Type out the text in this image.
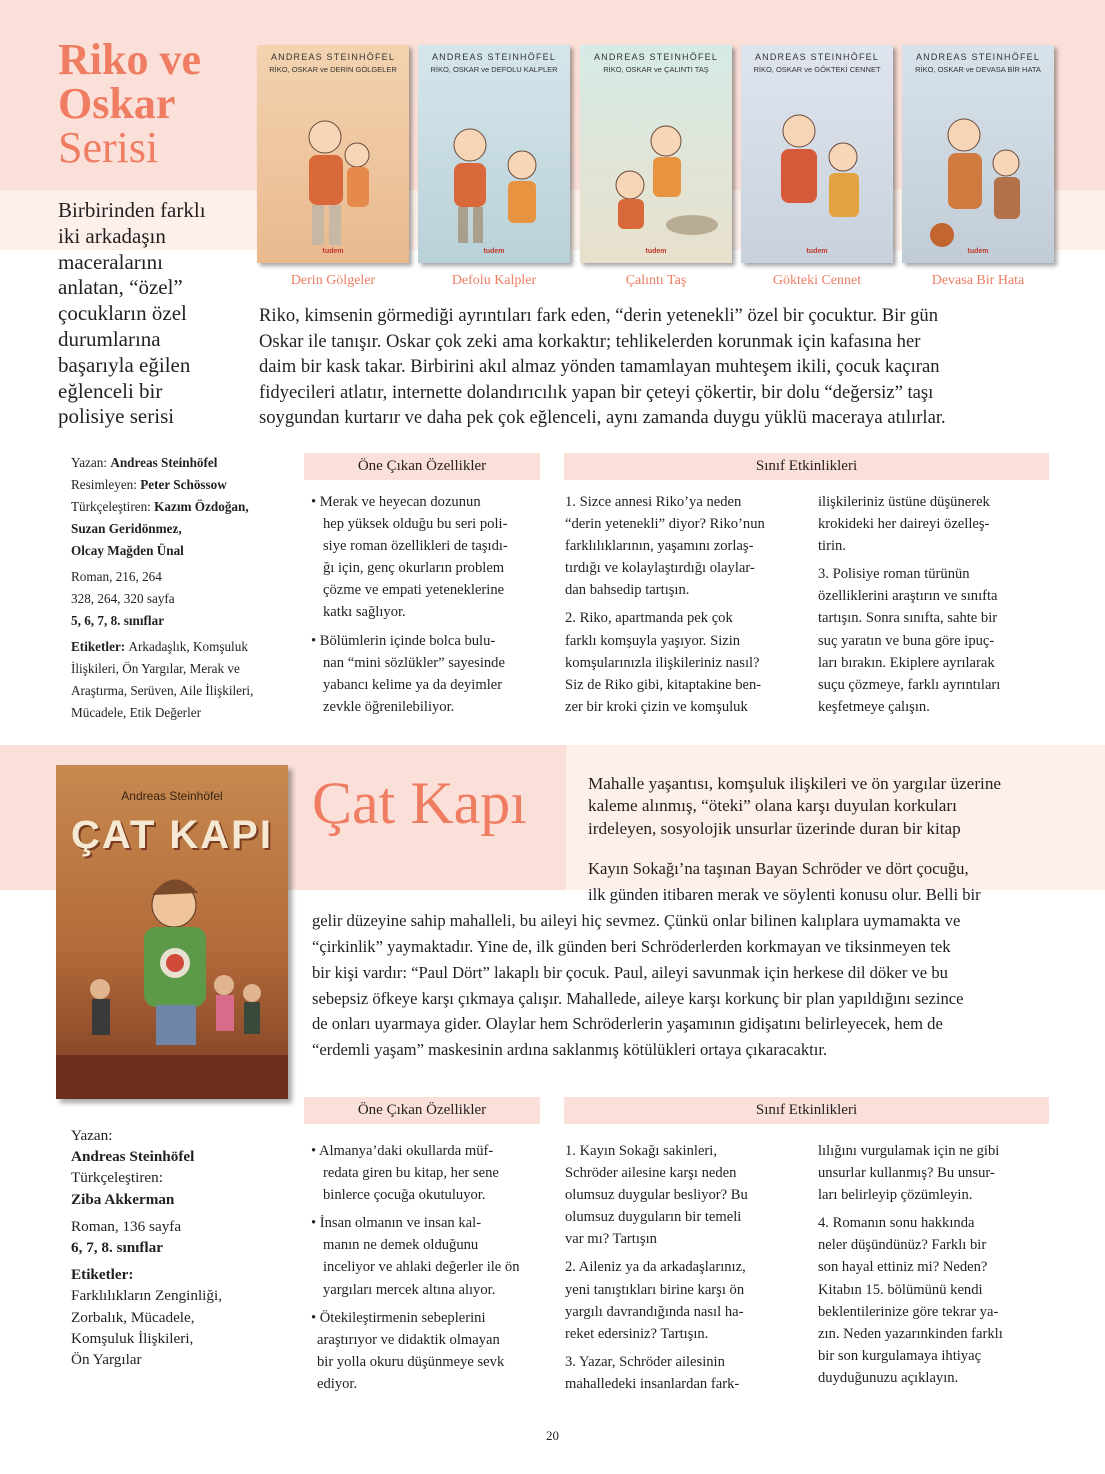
Riko ve
Oskar
Serisi
Birbirinden farklı
iki arkadaşın
maceralarını
anlatan, “özel”
çocukların özel
durumlarına
başarıyla eğilen
eğlenceli bir
polisiye serisi
ANDREAS STEINHÖFEL
RİKO, OSKAR ve DERİN GÖLGELER
tudem
ANDREAS STEINHÖFEL
RİKO, OSKAR ve DEFOLU KALPLER
tudem
ANDREAS STEINHÖFEL
RİKO, OSKAR ve ÇALINTI TAŞ
tudem
ANDREAS STEINHÖFEL
RİKO, OSKAR ve GÖKTEKİ CENNET
tudem
ANDREAS STEINHÖFEL
RİKO, OSKAR ve DEVASA BİR HATA
tudem
Derin Gölgeler	Defolu Kalpler	Çalıntı Taş	Gökteki Cennet	Devasa Bir Hata
Riko, kimsenin görmediği ayrıntıları fark eden, “derin yetenekli” özel bir çocuktur. Bir gün
Oskar ile tanışır. Oskar çok zeki ama korkaktır; tehlikelerden korunmak için kafasına her
daim bir kask takar. Birbirini akıl almaz yönden tamamlayan muhteşem ikili, çocuk kaçıran
fidyecileri atlatır, internette dolandırıcılık yapan bir çeteyi çökertir, bir dolu “değersiz” taşı
soygundan kurtarır ve daha pek çok eğlenceli, aynı zamanda duygu yüklü maceraya atılırlar.
Yazan: Andreas Steinhöfel
Resimleyen: Peter Schössow
Türkçeleştiren: Kazım Özdoğan,
Suzan Geridönmez,
Olcay Mağden Ünal
Roman, 216, 264
328, 264, 320 sayfa
5, 6, 7, 8. sınıflar
Etiketler: Arkadaşlık, Komşuluk
İlişkileri, Ön Yargılar, Merak ve
Araştırma, Serüven, Aile İlişkileri,
Mücadele, Etik Değerler
Öne Çıkan Özellikler	Sınıf Etkinlikleri

• Merak ve heyecan dozunun
hep yüksek olduğu bu seri poli-
siye roman özellikleri de taşıdı-
ğı için, genç okurların problem
çözme ve empati yeteneklerine
katkı sağlıyor.

• Bölümlerin içinde bolca bulu-
nan “mini sözlükler” sayesinde
yabancı kelime ya da deyimler
zevkle öğrenilebiliyor.

1. Sizce annesi Riko’ya neden
“derin yetenekli” diyor? Riko’nun
farklılıklarının, yaşamını zorlaş-
tırdığı ve kolaylaştırdığı olaylar-
dan bahsedip tartışın.

2. Riko, apartmanda pek çok
farklı komşuyla yaşıyor. Sizin
komşularınızla ilişkileriniz nasıl?
Siz de Riko gibi, kitaptakine ben-
zer bir kroki çizin ve komşuluk

ilişkileriniz üstüne düşünerek
krokideki her daireyi özelleş-
tirin.

3. Polisiye roman türünün
özelliklerini araştırın ve sınıfta
tartışın. Sonra sınıfta, sahte bir
suç yaratın ve buna göre ipuç-
ları bırakın. Ekiplere ayrılarak
suçu çözmeye, farklı ayrıntıları
keşfetmeye çalışın.

Andreas Steinhöfel
ÇAT KAPI Çat Kapı	Mahalle yaşantısı, komşuluk ilişkileri ve ön yargılar üzerine
kaleme alınmış, “öteki” olana karşı duyulan korkuları
irdeleyen, sosyolojik unsurlar üzerinde duran bir kitap
Kayın Sokağı’na taşınan Bayan Schröder ve dört çocuğu,
ilk günden itibaren merak ve söylenti konusu olur. Belli bir
gelir düzeyine sahip mahalleli, bu aileyi hiç sevmez. Çünkü onlar bilinen kalıplara uymamakta ve
“çirkinlik” yaymaktadır. Yine de, ilk günden beri Schröderlerden korkmayan ve tiksinmeyen tek
bir kişi vardır: “Paul Dört” lakaplı bir çocuk. Paul, aileyi savunmak için herkese dil döker ve bu
sebepsiz öfkeye karşı çıkmaya çalışır. Mahallede, aileye karşı korkunç bir plan yapıldığını sezince
de onları uyarmaya gider. Olaylar hem Schröderlerin yaşamının gidişatını belirleyecek, hem de
“erdemli yaşam” maskesinin ardına saklanmış kötülükleri ortaya çıkaracaktır.
Yazan:
Andreas Steinhöfel
Türkçeleştiren:
Ziba Akkerman
Roman, 136 sayfa
6, 7, 8. sınıflar
Etiketler:
Farklılıkların Zenginliği,
Zorbalık, Mücadele,
Komşuluk İlişkileri,
Ön Yargılar
Öne Çıkan Özellikler	Sınıf Etkinlikleri

• Almanya’daki okullarda müf-
redata giren bu kitap, her sene
binlerce çocuğa okutuluyor.

• İnsan olmanın ve insan kal-
manın ne demek olduğunu
inceliyor ve ahlaki değerler ile ön
yargıları mercek altına alıyor.

• Ötekileştirmenin sebeplerini
araştırıyor ve didaktik olmayan
bir yolla okuru düşünmeye sevk
ediyor.

1. Kayın Sokağı sakinleri,
Schröder ailesine karşı neden
olumsuz duygular besliyor? Bu
olumsuz duyguların bir temeli
var mı? Tartışın

2. Aileniz ya da arkadaşlarınız,
yeni tanıştıkları birine karşı ön
yargılı davrandığında nasıl ha-
reket edersiniz? Tartışın.

3. Yazar, Schröder ailesinin
mahalledeki insanlardan fark-

lılığını vurgulamak için ne gibi
unsurlar kullanmış? Bu unsur-
ları belirleyip çözümleyin.

4. Romanın sonu hakkında
neler düşündünüz? Farklı bir
son hayal ettiniz mi? Neden?
Kitabın 15. bölümünü kendi
beklentilerinize göre tekrar ya-
zın. Neden yazarınkinden farklı
bir son kurgulamaya ihtiyaç
duyduğunuzu açıklayın.

20
